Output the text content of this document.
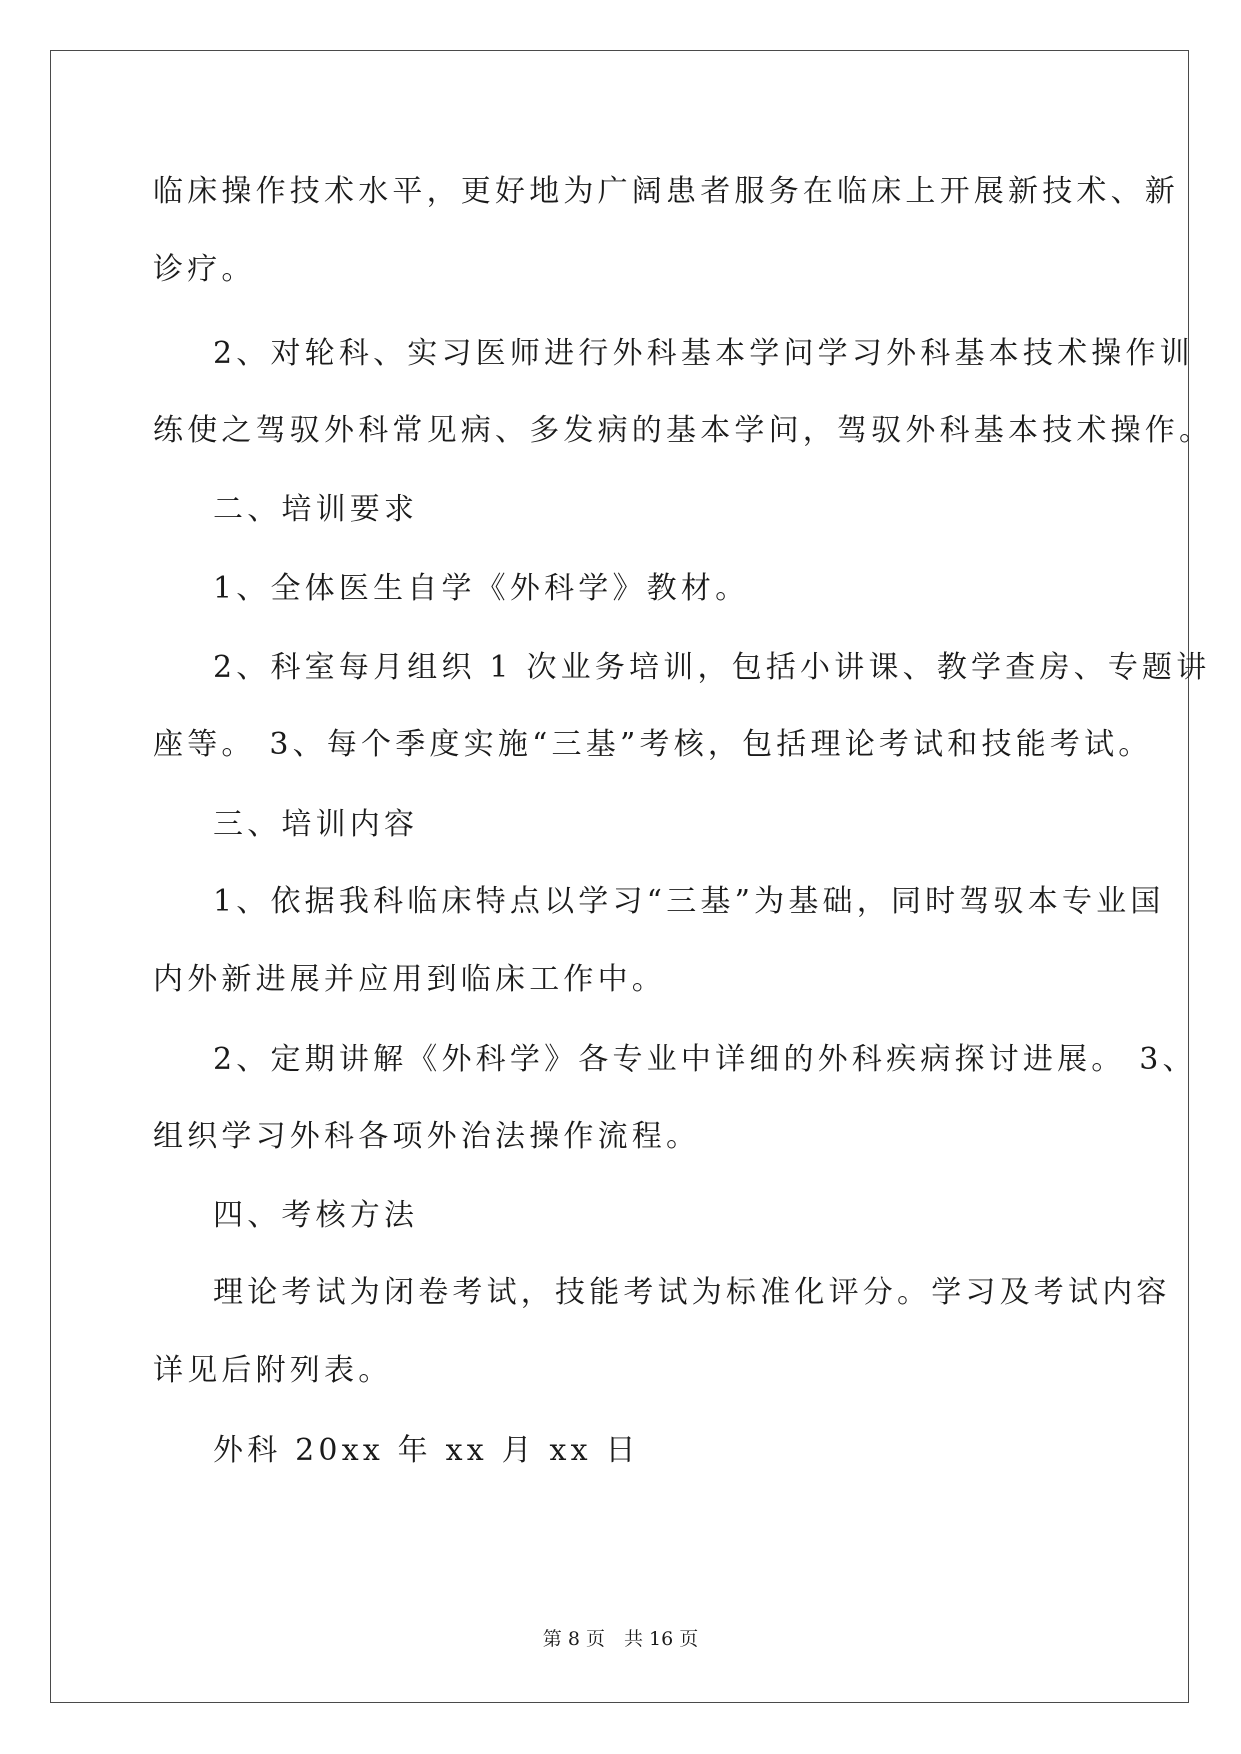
临床操作技术水平，更好地为广阔患者服务在临床上开展新技术、新
诊疗。
2、对轮科、实习医师进行外科基本学问学习外科基本技术操作训
练使之驾驭外科常见病、多发病的基本学问，驾驭外科基本技术操作。
二、培训要求
1、全体医生自学《外科学》教材。
2、科室每月组织 1 次业务培训，包括小讲课、教学查房、专题讲
座等。 3、每个季度实施“三基”考核，包括理论考试和技能考试。
三、培训内容
1、依据我科临床特点以学习“三基”为基础，同时驾驭本专业国
内外新进展并应用到临床工作中。
2、定期讲解《外科学》各专业中详细的外科疾病探讨进展。 3、
组织学习外科各项外治法操作流程。
四、考核方法
理论考试为闭卷考试，技能考试为标准化评分。学习及考试内容
详见后附列表。
外科 20xx 年 xx 月 xx 日
第 8 页　共 16 页
